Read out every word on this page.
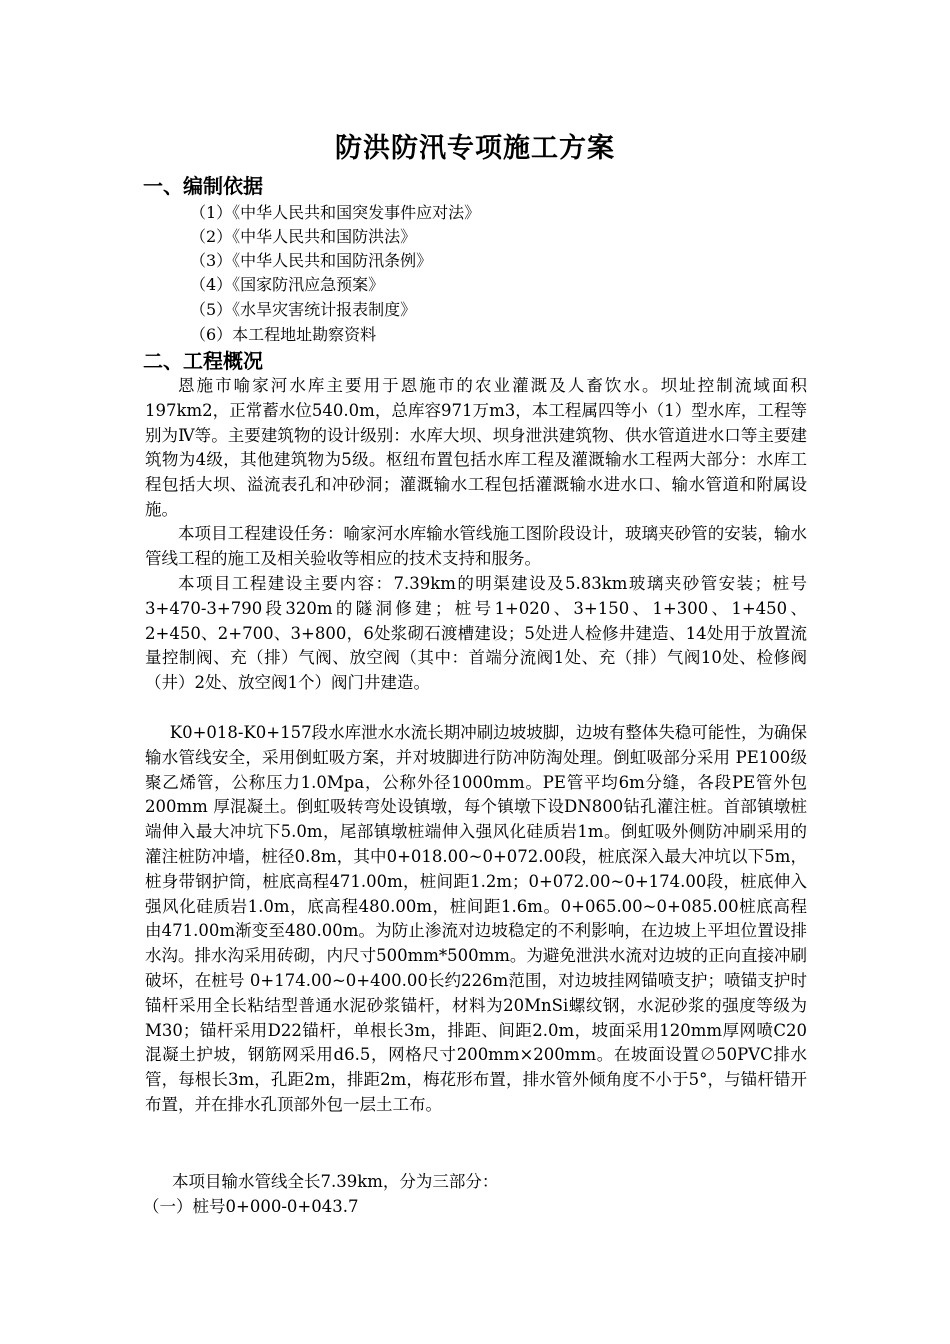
防洪防汛专项施工方案
一、编制依据
（1）《中华人民共和国突发事件应对法》
（2）《中华人民共和国防洪法》
（3）《中华人民共和国防汛条例》
（4）《国家防汛应急预案》
（5）《水旱灾害统计报表制度》
（6）本工程地址勘察资料
二、工程概况
恩施市喻家河水库主要用于恩施市的农业灌溉及人畜饮水。坝址控制流域面积197km2，正常蓄水位540.0m，总库容971万m3，本工程属四等小（1）型水库，工程等别为Ⅳ等。主要建筑物的设计级别：水库大坝、坝身泄洪建筑物、供水管道进水口等主要建筑物为4级，其他建筑物为5级。枢纽布置包括水库工程及灌溉输水工程两大部分：水库工程包括大坝、溢流表孔和冲砂洞；灌溉输水工程包括灌溉输水进水口、输水管道和附属设施。
本项目工程建设任务：喻家河水库输水管线施工图阶段设计，玻璃夹砂管的安装，输水管线工程的施工及相关验收等相应的技术支持和服务。
本项目工程建设主要内容：7.39km的明渠建设及5.83km玻璃夹砂管安装；桩号3+470-3+790段320m的隧洞修建；桩号1+020、3+150、1+300、1+450、2+450、2+700、3+800，6处浆砌石渡槽建设；5处进人检修井建造、14处用于放置流量控制阀、充（排）气阀、放空阀（其中：首端分流阀1处、充（排）气阀10处、检修阀（井）2处、放空阀1个）阀门井建造。
K0+018-K0+157段水库泄水水流长期冲刷边坡坡脚，边坡有整体失稳可能性，为确保输水管线安全，采用倒虹吸方案，并对坡脚进行防冲防淘处理。倒虹吸部分采用 PE100级聚乙烯管，公称压力1.0Mpa，公称外径1000mm。PE管平均6m分缝，各段PE管外包200mm 厚混凝土。倒虹吸转弯处设镇墩，每个镇墩下设DN800钻孔灌注桩。首部镇墩桩端伸入最大冲坑下5.0m，尾部镇墩桩端伸入强风化硅质岩1m。倒虹吸外侧防冲刷采用的灌注桩防冲墙，桩径0.8m，其中0+018.00~0+072.00段，桩底深入最大冲坑以下5m，桩身带钢护筒，桩底高程471.00m，桩间距1.2m；0+072.00~0+174.00段，桩底伸入强风化硅质岩1.0m，底高程480.00m，桩间距1.6m。0+065.00~0+085.00桩底高程由471.00m渐变至480.00m。为防止渗流对边坡稳定的不利影响，在边坡上平坦位置设排水沟。排水沟采用砖砌，内尺寸500mm*500mm。为避免泄洪水流对边坡的正向直接冲刷破坏，在桩号 0+174.00~0+400.00长约226m范围，对边坡挂网锚喷支护；喷锚支护时锚杆采用全长粘结型普通水泥砂浆锚杆，材料为20MnSi螺纹钢，水泥砂浆的强度等级为M30；锚杆采用D22锚杆，单根长3m，排距、间距2.0m，坡面采用120mm厚网喷C20混凝土护坡，钢筋网采用d6.5，网格尺寸200mm×200mm。在坡面设置∅50PVC排水管，每根长3m，孔距2m，排距2m，梅花形布置，排水管外倾角度不小于5°，与锚杆错开布置，并在排水孔顶部外包一层土工布。
本项目输水管线全长7.39km，分为三部分：
（一）桩号0+000-0+043.7
